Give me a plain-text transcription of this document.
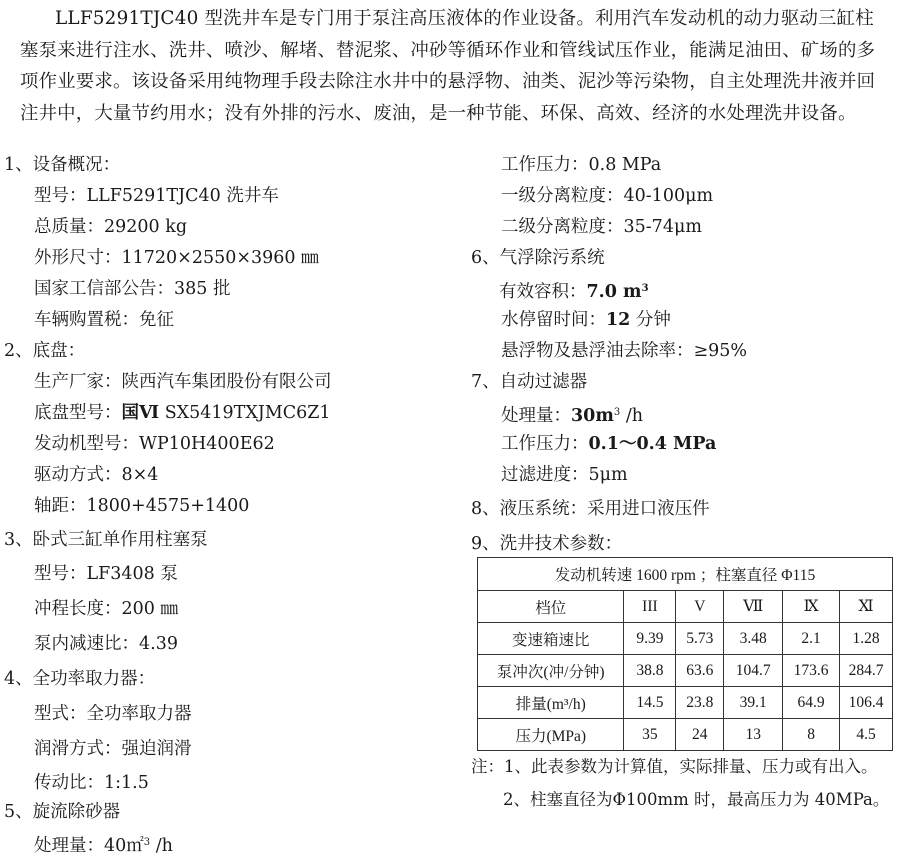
LLF5291TJC40 型洗井车是专门用于泵注高压液体的作业设备。利用汽车发动机的动力驱动三缸柱塞泵来进行注水、洗井、喷沙、解堵、替泥浆、冲砂等循环作业和管线试压作业，能满足油田、矿场的多项作业要求。该设备采用纯物理手段去除注水井中的悬浮物、油类、泥沙等污染物，自主处理洗井液并回注井中，大量节约用水；没有外排的污水、废油，是一种节能、环保、高效、经济的水处理洗井设备。

1、设备概况：
型号：LLF5291TJC40 洗井车
总质量：29200 kg
外形尺寸：11720×2550×3960 ㎜
国家工信部公告：385 批
车辆购置税：免征
2、底盘：
生产厂家：陕西汽车集团股份有限公司
底盘型号：国Ⅵ SX5419TXJMC6Z1
发动机型号：WP10H400E62
驱动方式：8×4
轴距：1800+4575+1400
3、卧式三缸单作用柱塞泵
型号：LF3408 泵
冲程长度：200 ㎜
泵内减速比：4.39
4、全功率取力器：
型式：全功率取力器
润滑方式：强迫润滑
传动比：1:1.5
5、旋流除砂器
处理量：40㎡$^3$ /h
工作压力：0.8 MPa
一级分离粒度：40-100μm
二级分离粒度：35-74μm
6、气浮除污系统
有效容积：7.0 $m^3$
水停留时间：12 分钟
悬浮物及悬浮油去除率：≥95%
7、自动过滤器
处理量：$30m^3$ /h
工作压力：0.1～0.4 MPa
过滤进度：5μm
8、液压系统：采用进口液压件
9、洗井技术参数：
发动机转速 1600 rpm ；柱塞直径 Φ115					
档位	III	V	Ⅶ	Ⅸ	Ⅺ
变速箱速比	9.39	5.73	3.48	2.1	1.28
泵冲次(冲/分钟)	38.8	63.6	104.7	173.6	284.7
排量(m³/h)	14.5	23.8	39.1	64.9	106.4
压力(MPa)	35	24	13	8	4.5
注：1、此表参数为计算值，实际排量、压力或有出入。
2、柱塞直径为Φ100mm 时，最高压力为 40MPa。
